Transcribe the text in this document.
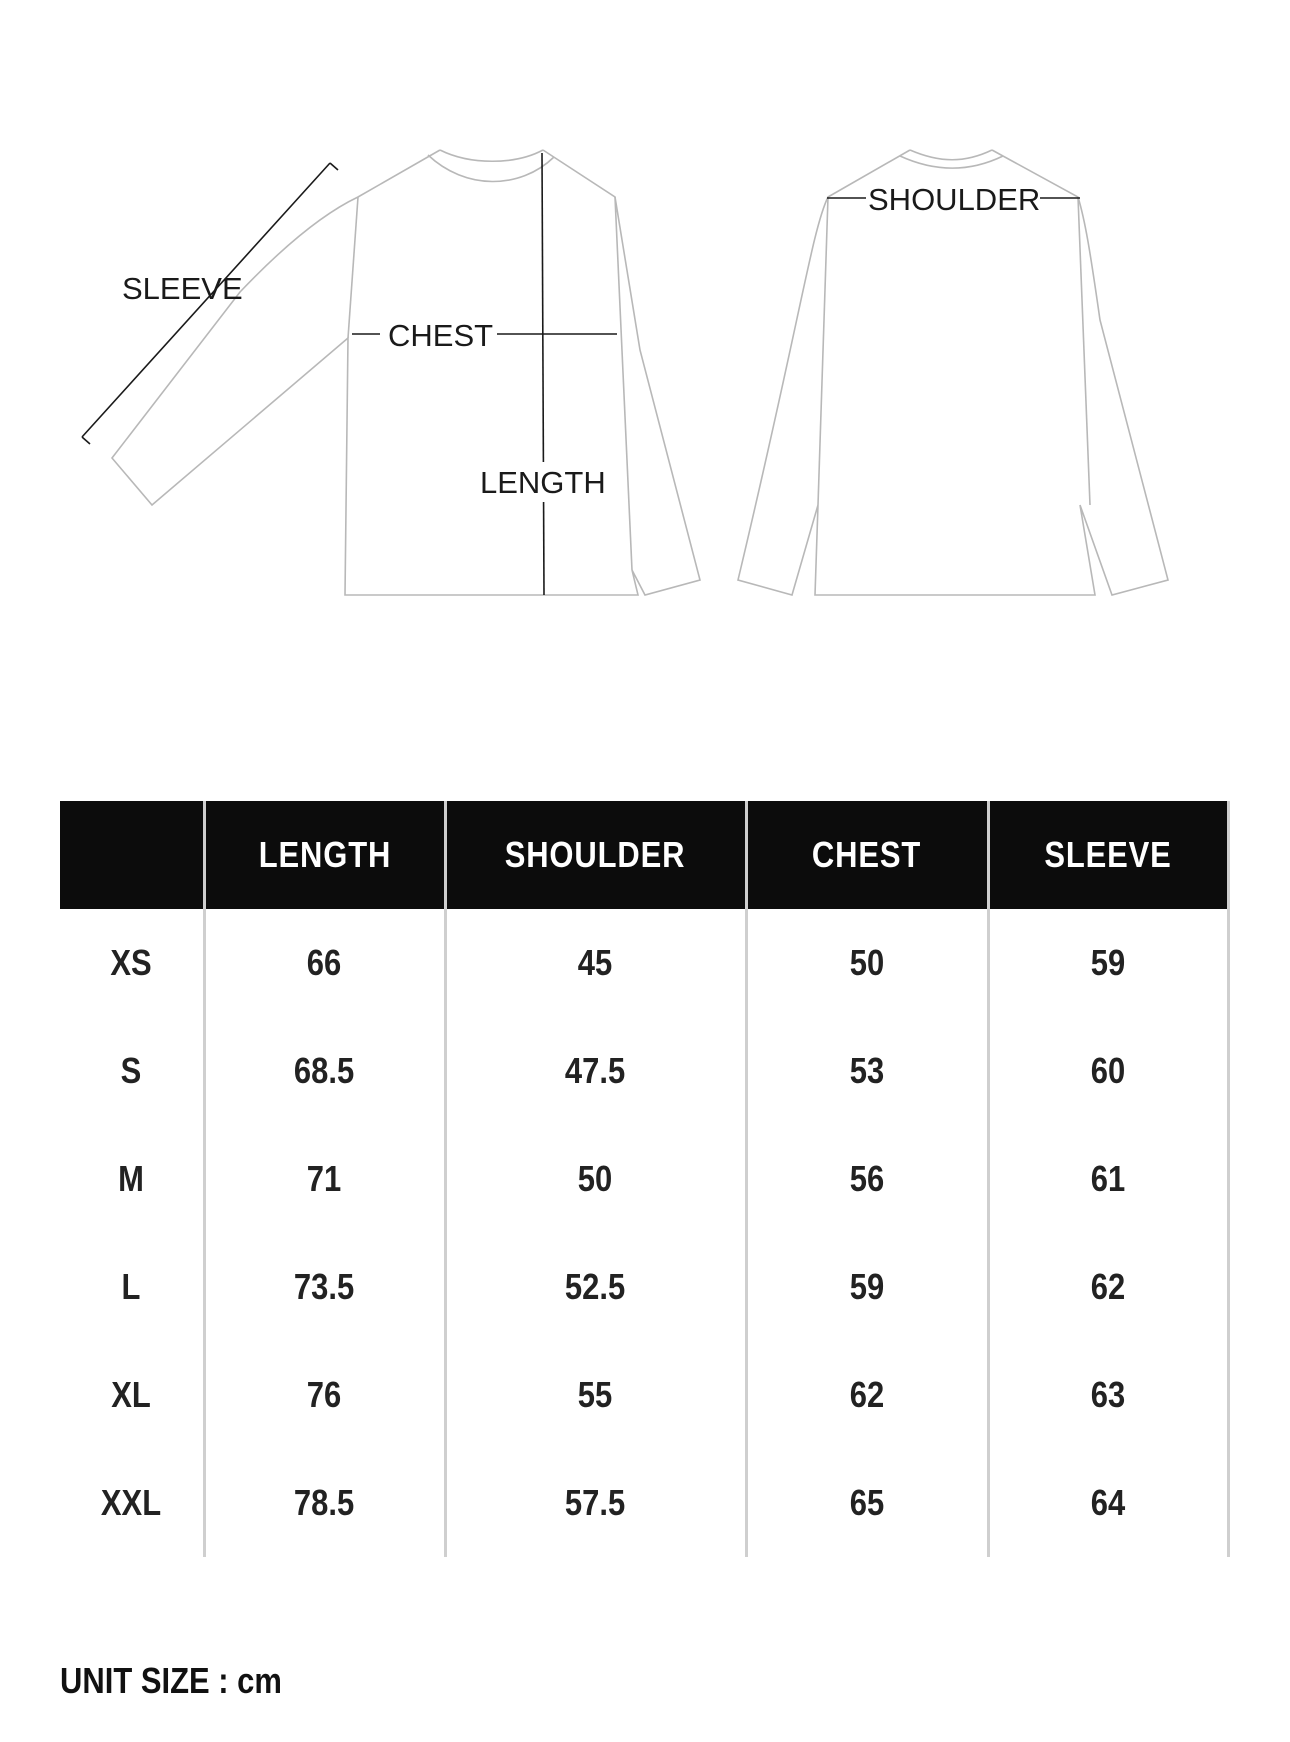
SLEEVE
CHEST
LENGTH
SHOULDER
	LENGTH	SHOULDER	CHEST	SLEEVE
XS	66	45	50	59
S	68.5	47.5	53	60
M	71	50	56	61
L	73.5	52.5	59	62
XL	76	55	62	63
XXL	78.5	57.5	65	64
UNIT SIZE : cm
